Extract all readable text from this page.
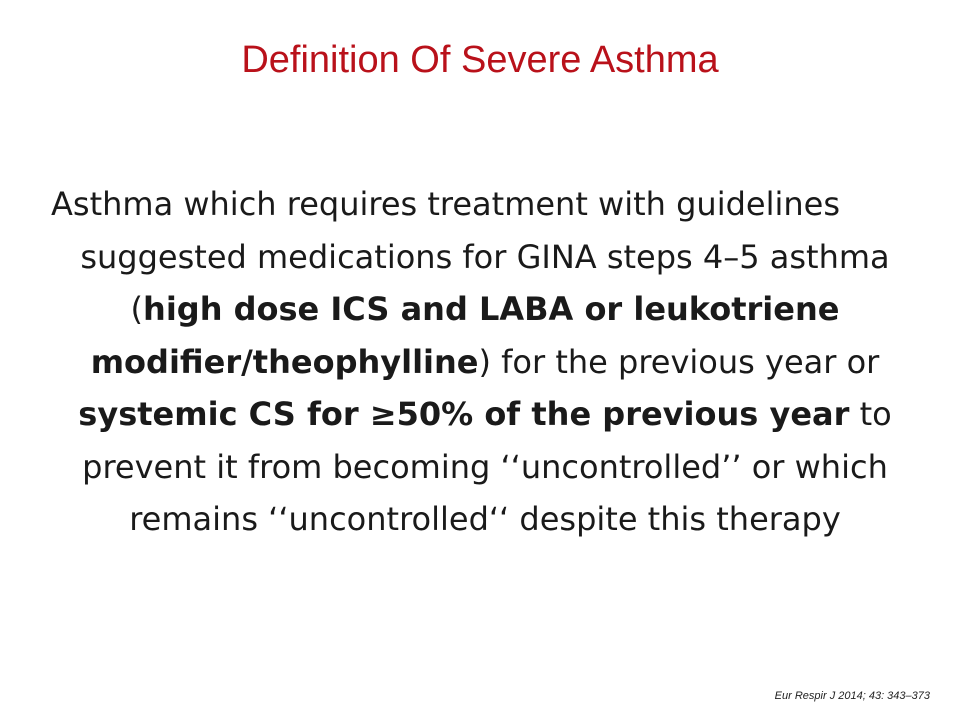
Definition Of Severe Asthma
Asthma which requires treatment with guidelines
suggested medications for GINA steps 4–5 asthma
(high dose ICS and LABA or leukotriene
modifier/theophylline) for the previous year or
systemic CS for ≥50% of the previous year to
prevent it from becoming ‘‘uncontrolled’’ or which
remains ‘‘uncontrolled‘‘ despite this therapy
Eur Respir J 2014; 43: 343–373
